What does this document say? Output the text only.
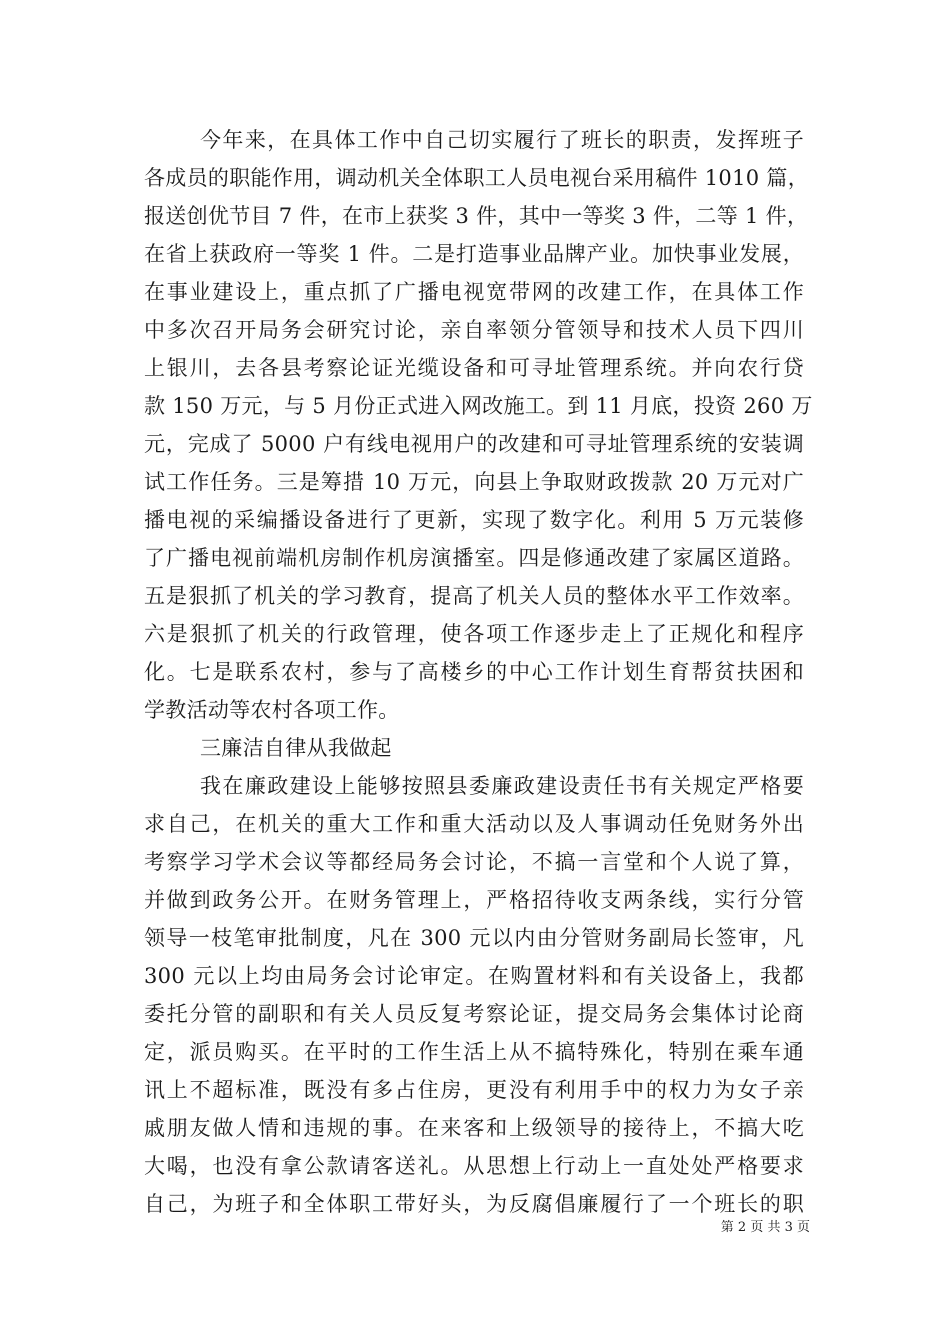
今年来，在具体工作中自己切实履行了班长的职责，发挥班子
各成员的职能作用，调动机关全体职工人员电视台采用稿件 1010 篇，
报送创优节目 7 件，在市上获奖 3 件，其中一等奖 3 件，二等 1 件，
在省上获政府一等奖 1 件。二是打造事业品牌产业。加快事业发展，
在事业建设上，重点抓了广播电视宽带网的改建工作，在具体工作
中多次召开局务会研究讨论，亲自率领分管领导和技术人员下四川
上银川，去各县考察论证光缆设备和可寻址管理系统。并向农行贷
款 150 万元，与 5 月份正式进入网改施工。到 11 月底，投资 260 万
元，完成了 5000 户有线电视用户的改建和可寻址管理系统的安装调
试工作任务。三是筹措 10 万元，向县上争取财政拨款 20 万元对广
播电视的采编播设备进行了更新，实现了数字化。利用 5 万元装修
了广播电视前端机房制作机房演播室。四是修通改建了家属区道路。
五是狠抓了机关的学习教育，提高了机关人员的整体水平工作效率。
六是狠抓了机关的行政管理，使各项工作逐步走上了正规化和程序
化。七是联系农村，参与了高楼乡的中心工作计划生育帮贫扶困和
学教活动等农村各项工作。
三廉洁自律从我做起
我在廉政建设上能够按照县委廉政建设责任书有关规定严格要
求自己，在机关的重大工作和重大活动以及人事调动任免财务外出
考察学习学术会议等都经局务会讨论，不搞一言堂和个人说了算，
并做到政务公开。在财务管理上，严格招待收支两条线，实行分管
领导一枝笔审批制度，凡在 300 元以内由分管财务副局长签审，凡
300 元以上均由局务会讨论审定。在购置材料和有关设备上，我都
委托分管的副职和有关人员反复考察论证，提交局务会集体讨论商
定，派员购买。在平时的工作生活上从不搞特殊化，特别在乘车通
讯上不超标准，既没有多占住房，更没有利用手中的权力为女子亲
戚朋友做人情和违规的事。在来客和上级领导的接待上，不搞大吃
大喝，也没有拿公款请客送礼。从思想上行动上一直处处严格要求
自己，为班子和全体职工带好头，为反腐倡廉履行了一个班长的职
第 2 页 共 3 页
